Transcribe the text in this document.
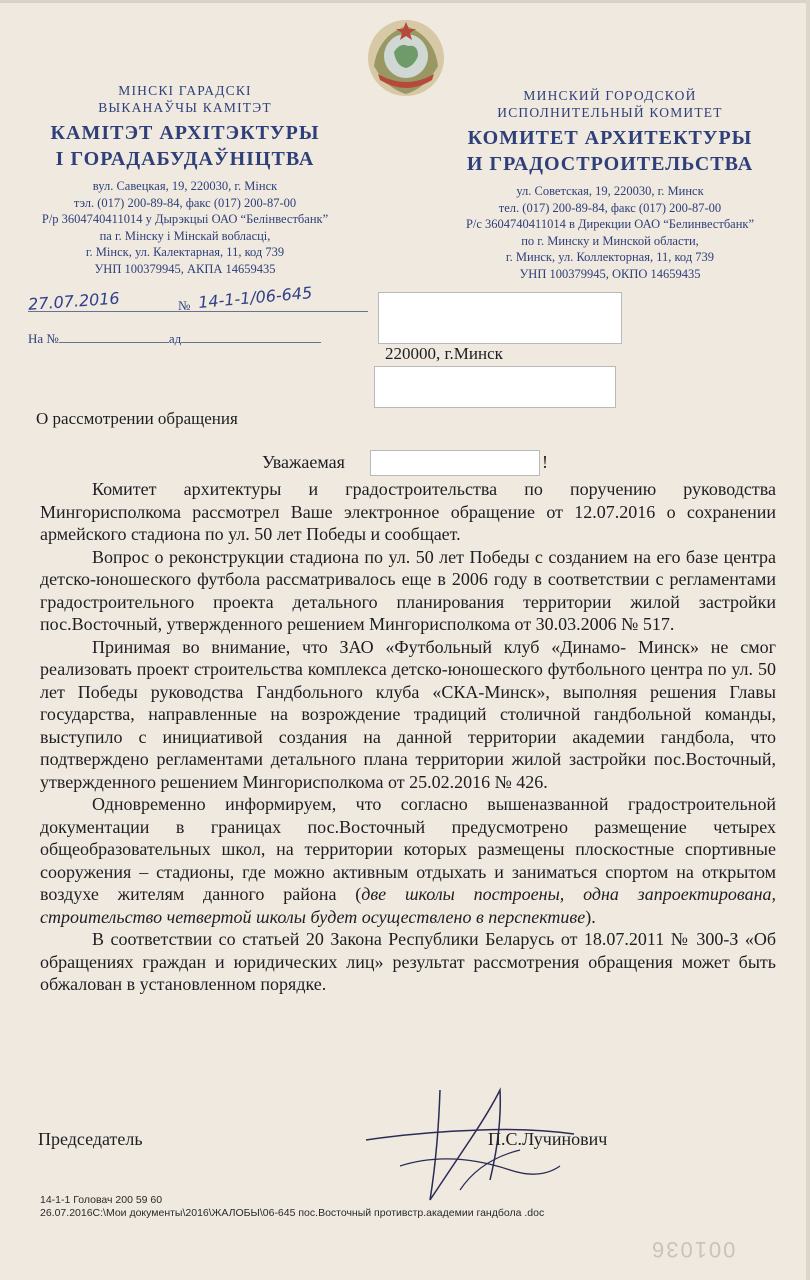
МІНСКІ ГАРАДСКІ
ВЫКАНАЎЧЫ КАМІТЭТ
КАМІТЭТ АРХІТЭКТУРЫ
І ГОРАДАБУДАЎНІЦТВА
вул. Савецкая, 19, 220030, г. Мінск
тэл. (017) 200-89-84, факс (017) 200-87-00
Р/р 3604740411014 у Дырэкцыі ОАО “Белінвестбанк”
па г. Мінску і Мінскай вобласці,
г. Мінск, ул. Калектарная, 11, код 739
УНП 100379945, АКПА 14659435
МИНСКИЙ ГОРОДСКОЙ
ИСПОЛНИТЕЛЬНЫЙ КОМИТЕТ
КОМИТЕТ АРХИТЕКТУРЫ
И ГРАДОСТРОИТЕЛЬСТВА
ул. Советская, 19, 220030, г. Минск
тел. (017) 200-89-84, факс (017) 200-87-00
Р/с 3604740411014 в Дирекции ОАО “Белинвестбанк”
по г. Минску и Минской области,
г. Минск, ул. Коллекторная, 11, код 739
УНП 100379945, ОКПО 14659435
27.07.2016	№ 14-1-1/06-645
На №	ад
220000, г.Минск
О рассмотрении обращения
Уважаемая	!

Комитет архитектуры и градостроительства по поручению руководства Мингорисполкома рассмотрел Ваше электронное обращение от 12.07.2016 о сохранении армейского стадиона по ул. 50 лет Победы и сообщает.

Вопрос о реконструкции стадиона по ул. 50 лет Победы с созданием на его базе центра детско-юношеского футбола рассматривалось еще в 2006 году в соответствии с регламентами градостроительного проекта детального планирования территории жилой застройки пос.Восточный, утвержденного решением Мингорисполкома от 30.03.2006 № 517.

Принимая во внимание, что ЗАО «Футбольный клуб «Динамо- Минск» не смог реализовать проект строительства комплекса детско-юношеского футбольного центра по ул. 50 лет Победы руководства Гандбольного клуба «СКА-Минск», выполняя решения Главы государства, направленные на возрождение традиций столичной гандбольной команды, выступило с инициативой создания на данной территории академии гандбола, что подтверждено регламентами детального плана территории жилой застройки пос.Восточный, утвержденного решением Мингорисполкома от 25.02.2016 № 426.

Одновременно информируем, что согласно вышеназванной градостроительной документации в границах пос.Восточный предусмотрено размещение четырех общеобразовательных школ, на территории которых размещены плоскостные спортивные сооружения – стадионы, где можно активным отдыхать и заниматься спортом на открытом воздухе жителям данного района (две школы построены, одна запроектирована, строительство четвертой школы будет осуществлено в перспективе).

В соответствии со статьей 20 Закона Республики Беларусь от 18.07.2011 № 300-З «Об обращениях граждан и юридических лиц» результат рассмотрения обращения может быть обжалован в установленном порядке.

Председатель	П.С.Лучинович
14-1-1 Головач 200 59 60
26.07.2016С:\Мои документы\2016\ЖАЛОБЫ\06-645 пос.Восточный противстр.академии гандбола .doc
001036
